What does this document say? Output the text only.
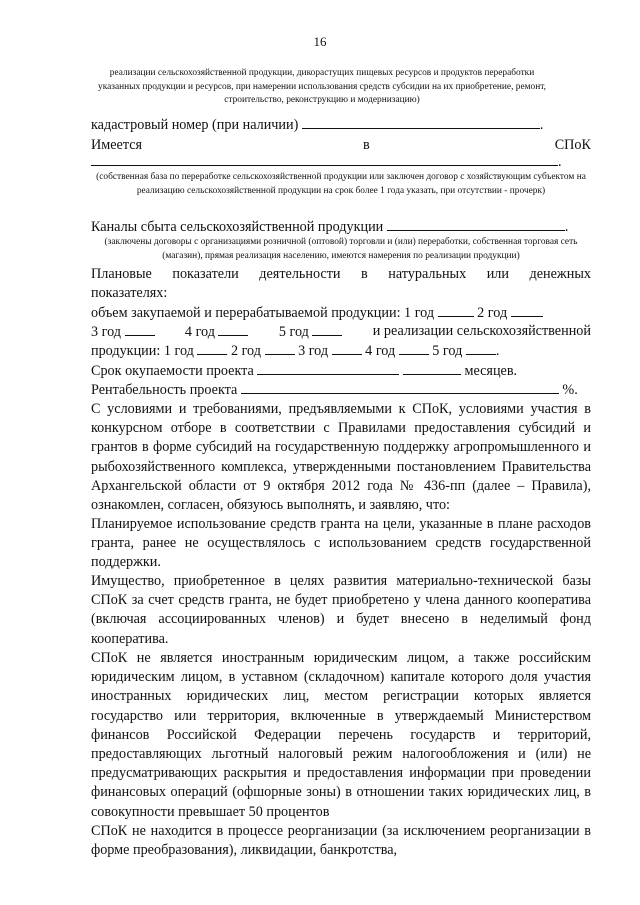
16
реализации сельскохозяйственной продукции, дикорастущих пищевых ресурсов и продуктов переработки указанных продукции и ресурсов, при намерении использования средств субсидии на их приобретение, ремонт, строительство, реконструкцию и модернизацию)
кадастровый номер (при наличии)	.
Имеется	в	СПоК
.
(собственная база по переработке сельскохозяйственной продукции или заключен договор с хозяйствующим субъектом на реализацию сельскохозяйственной продукции на срок более 1 года указать, при отсутствии - прочерк)
Каналы сбыта сельскохозяйственной продукции	.
(заключены договоры с организациями розничной (оптовой) торговли и (или) переработки, собственная торговая сеть (магазин), прямая реализация населению, имеются намерения по реализации продукции)
Плановые показатели деятельности в натуральных или денежных
показателях:
объем закупаемой и перерабатываемой продукции: 1 год	2 год
3 год	4 год	5 год	и реализации сельскохозяйственной
продукции: 1 год	2 год	3 год	4 год	5 год .
Срок окупаемости проекта	месяцев.
Рентабельность проекта	%.
С условиями и требованиями, предъявляемыми к СПоК, условиями участия в конкурсном отборе в соответствии с Правилами предоставления субсидий и грантов в форме субсидий на государственную поддержку агропромышленного и рыбохозяйственного комплекса, утвержденными постановлением Правительства Архангельской области от 9 октября 2012 года № 436-пп (далее – Правила), ознакомлен, согласен, обязуюсь выполнять, и заявляю, что:
Планируемое использование средств гранта на цели, указанные в плане расходов гранта, ранее не осуществлялось с использованием средств государственной поддержки.
Имущество, приобретенное в целях развития материально-технической базы СПоК за счет средств гранта, не будет приобретено у члена данного кооператива (включая ассоциированных членов) и будет внесено в неделимый фонд кооператива.
СПоК не является иностранным юридическим лицом, а также российским юридическим лицом, в уставном (складочном) капитале которого доля участия иностранных юридических лиц, местом регистрации которых является государство или территория, включенные в утверждаемый Министерством финансов Российской Федерации перечень государств и территорий, предоставляющих льготный налоговый режим налогообложения и (или) не предусматривающих раскрытия и предоставления информации при проведении финансовых операций (офшорные зоны) в отношении таких юридических лиц, в совокупности превышает 50 процентов
СПоК не находится в процессе реорганизации (за исключением реорганизации в форме преобразования), ликвидации, банкротства,
